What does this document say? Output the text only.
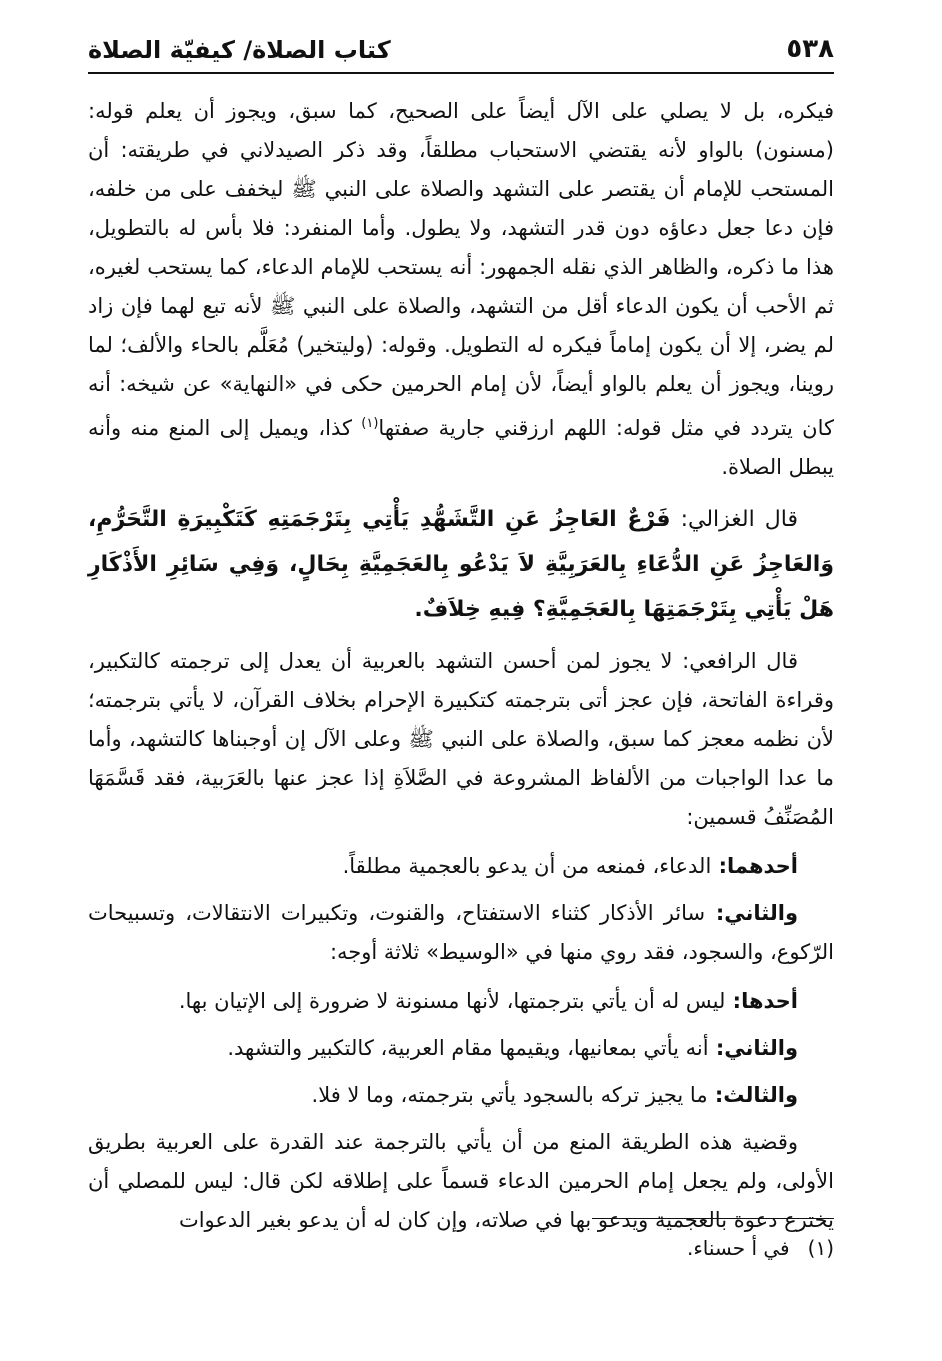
٥٣٨
كتاب الصلاة/ كيفيّة الصلاة

فيكره، بل لا يصلي على الآل أيضاً على الصحيح، كما سبق، ويجوز أن يعلم قوله: (مسنون) بالواو لأنه يقتضي الاستحباب مطلقاً، وقد ذكر الصيدلاني في طريقته: أن المستحب للإمام أن يقتصر على التشهد والصلاة على النبي ﷺ ليخفف على من خلفه، فإن دعا جعل دعاؤه دون قدر التشهد، ولا يطول. وأما المنفرد: فلا بأس له بالتطويل، هذا ما ذكره، والظاهر الذي نقله الجمهور: أنه يستحب للإمام الدعاء، كما يستحب لغيره، ثم الأحب أن يكون الدعاء أقل من التشهد، والصلاة على النبي ﷺ لأنه تبع لهما فإن زاد لم يضر، إلا أن يكون إماماً فيكره له التطويل. وقوله: (وليتخير) مُعَلَّم بالحاء والألف؛ لما روينا، ويجوز أن يعلم بالواو أيضاً، لأن إمام الحرمين حكى في «النهاية» عن شيخه: أنه كان يتردد في مثل قوله: اللهم ارزقني جارية صفتها$^{(١)}$ كذا، ويميل إلى المنع منه وأنه يبطل الصلاة.

قال الغزالي: فَرْعٌ العَاجِزُ عَنِ التَّشَهُّدِ يَأْتِي بِتَرْجَمَتِهِ كَتَكْبِيرَةِ التَّحَرُّمِ، وَالعَاجِزُ عَنِ الدُّعَاءِ بِالعَرَبِيَّةِ لاَ يَدْعُو بِالعَجَمِيَّةِ بِحَالٍ، وَفِي سَائِرِ الأَذْكَارِ هَلْ يَأْتِي بِتَرْجَمَتِهَا بِالعَجَمِيَّةِ؟ فِيهِ خِلاَفٌ.

قال الرافعي: لا يجوز لمن أحسن التشهد بالعربية أن يعدل إلى ترجمته كالتكبير، وقراءة الفاتحة، فإن عجز أتى بترجمته كتكبيرة الإحرام بخلاف القرآن، لا يأتي بترجمته؛ لأن نظمه معجز كما سبق، والصلاة على النبي ﷺ وعلى الآل إن أوجبناها كالتشهد، وأما ما عدا الواجبات من الألفاظ المشروعة في الصَّلاَةِ إذا عجز عنها بالعَرَبية، فقد قَسَّمَهَا المُصَنِّفُ قسمين:

أحدهما: الدعاء، فمنعه من أن يدعو بالعجمية مطلقاً.

والثاني: سائر الأذكار كثناء الاستفتاح، والقنوت، وتكبيرات الانتقالات، وتسبيحات الرّكوع، والسجود، فقد روي منها في «الوسيط» ثلاثة أوجه:

أحدها: ليس له أن يأتي بترجمتها، لأنها مسنونة لا ضرورة إلى الإتيان بها.

والثاني: أنه يأتي بمعانيها، ويقيمها مقام العربية، كالتكبير والتشهد.

والثالث: ما يجيز تركه بالسجود يأتي بترجمته، وما لا فلا.

وقضية هذه الطريقة المنع من أن يأتي بالترجمة عند القدرة على العربية بطريق الأولى، ولم يجعل إمام الحرمين الدعاء قسماً على إطلاقه لكن قال: ليس للمصلي أن يخترع دعوة بالعجمية ويدعو بها في صلاته، وإن كان له أن يدعو بغير الدعوات

(١)في أ حسناء.
